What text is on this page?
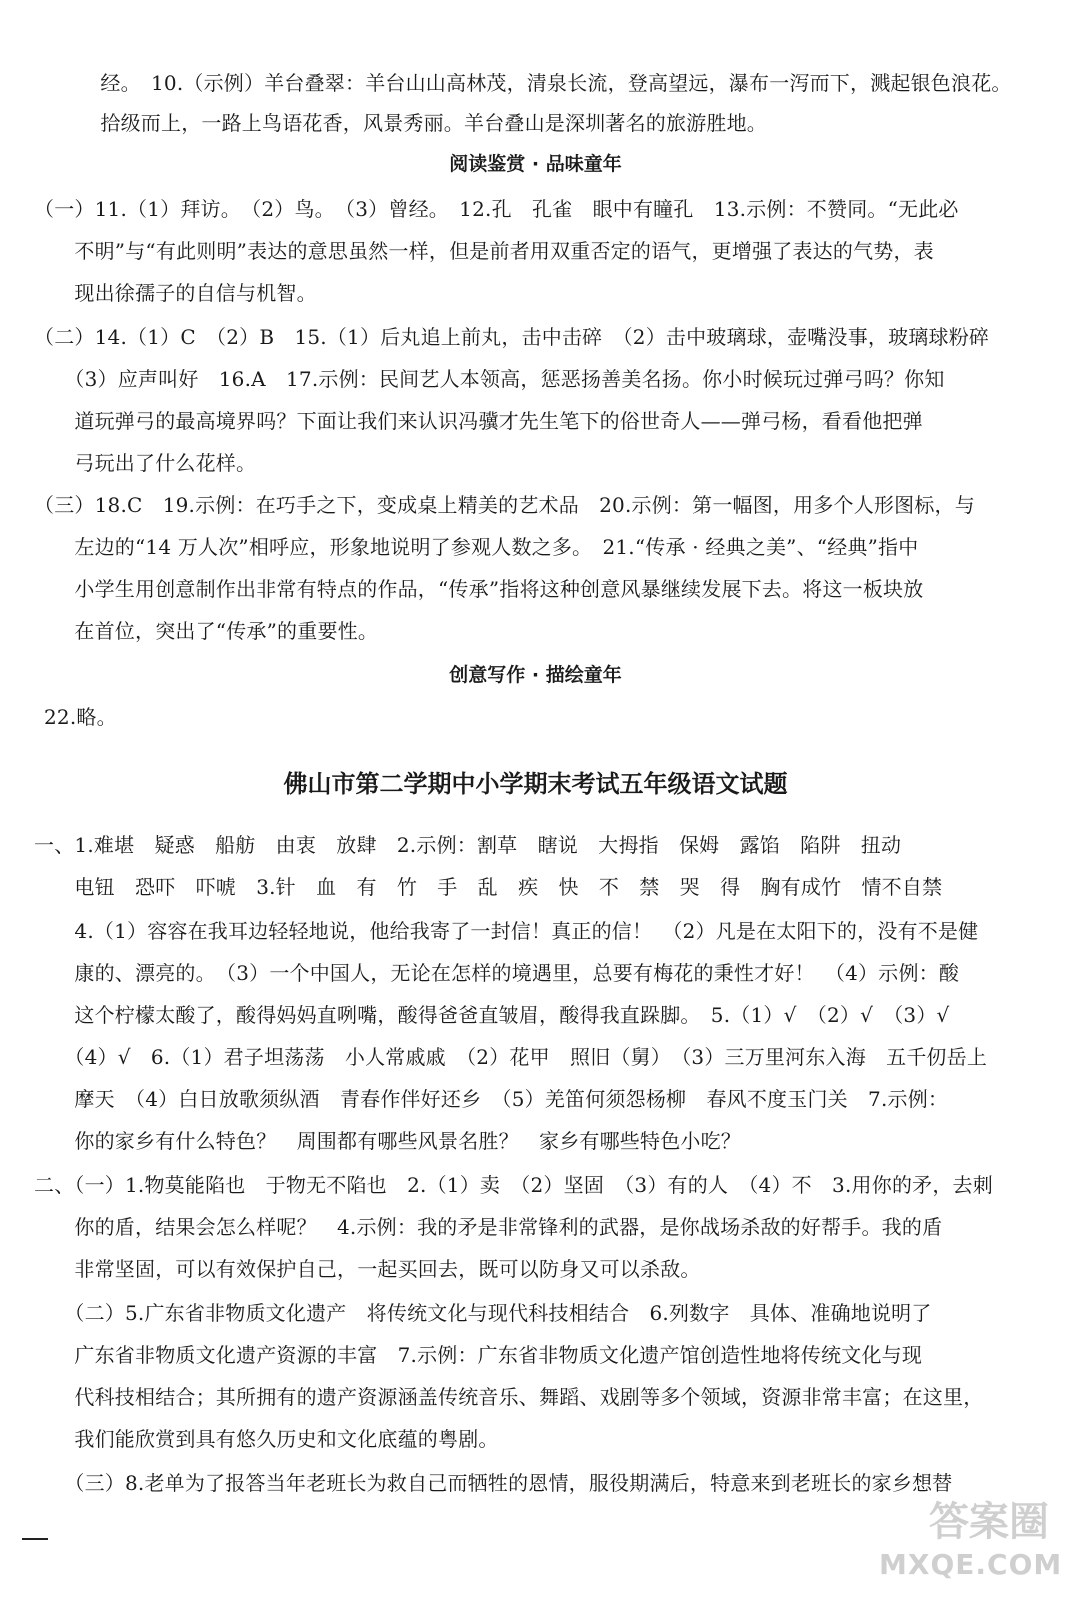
　　经。　10.（示例）羊台叠翠：羊台山山高林茂，清泉长流，登高望远，瀑布一泻而下，溅起银色浪花。
　　拾级而上，一路上鸟语花香，风景秀丽。羊台叠山是深圳著名的旅游胜地。
阅读鉴赏 · 品味童年
（一）11.（1）拜访。　（2）鸟。　（3）曾经。　12.孔　孔雀　眼中有瞳孔　13.示例：不赞同。“无此必
　　不明”与“有此则明”表达的意思虽然一样，但是前者用双重否定的语气，更增强了表达的气势，表
　　现出徐孺子的自信与机智。
（二）14.（1）C　（2）B　15.（1）后丸追上前丸，击中击碎　（2）击中玻璃球，壶嘴没事，玻璃球粉碎
　　（3）应声叫好　16.A　17.示例：民间艺人本领高，惩恶扬善美名扬。你小时候玩过弹弓吗？你知
　　道玩弹弓的最高境界吗？下面让我们来认识冯骥才先生笔下的俗世奇人——弹弓杨，看看他把弹
　　弓玩出了什么花样。
（三）18.C　19.示例：在巧手之下，变成桌上精美的艺术品　20.示例：第一幅图，用多个人形图标，与
　　左边的“14 万人次”相呼应，形象地说明了参观人数之多。　21.“传承 · 经典之美”、“经典”指中
　　小学生用创意制作出非常有特点的作品，“传承”指将这种创意风暴继续发展下去。将这一板块放
　　在首位，突出了“传承”的重要性。
创意写作 · 描绘童年
22.略。
佛山市第二学期中小学期末考试五年级语文试题
一、1.难堪　疑惑　船舫　由衷　放肆　2.示例：割草　瞎说　大拇指　保姆　露馅　陷阱　扭动
　　电钮　恐吓　吓唬　3.针　血　有　竹　手　乱　疾　快　不　禁　哭　得　胸有成竹　情不自禁
　　4.（1）容容在我耳边轻轻地说，他给我寄了一封信！真正的信！　（2）凡是在太阳下的，没有不是健
　　康的、漂亮的。　（3）一个中国人，无论在怎样的境遇里，总要有梅花的秉性才好！　（4）示例：酸
　　这个柠檬太酸了，酸得妈妈直咧嘴，酸得爸爸直皱眉，酸得我直跺脚。　5.（1）√　（2）√　（3）√
　　（4）√　6.（1）君子坦荡荡　小人常戚戚　（2）花甲　照旧（舅）　（3）三万里河东入海　五千仞岳上
　　摩天　（4）白日放歌须纵酒　青春作伴好还乡　（5）羌笛何须怨杨柳　春风不度玉门关　7.示例：
　　你的家乡有什么特色？　周围都有哪些风景名胜？　家乡有哪些特色小吃？
二、（一）1.物莫能陷也　于物无不陷也　2.（1）卖　（2）坚固　（3）有的人　（4）不　3.用你的矛，去刺
　　你的盾，结果会怎么样呢？　4.示例：我的矛是非常锋利的武器，是你战场杀敌的好帮手。我的盾
　　非常坚固，可以有效保护自己，一起买回去，既可以防身又可以杀敌。
　　（二）5.广东省非物质文化遗产　将传统文化与现代科技相结合　6.列数字　具体、准确地说明了
　　广东省非物质文化遗产资源的丰富　7.示例：广东省非物质文化遗产馆创造性地将传统文化与现
　　代科技相结合；其所拥有的遗产资源涵盖传统音乐、舞蹈、戏剧等多个领域，资源非常丰富；在这里，
　　我们能欣赏到具有悠久历史和文化底蕴的粤剧。
　　（三）8.老单为了报答当年老班长为救自己而牺牲的恩情，服役期满后，特意来到老班长的家乡想替
答案圈
MXQE.COM
